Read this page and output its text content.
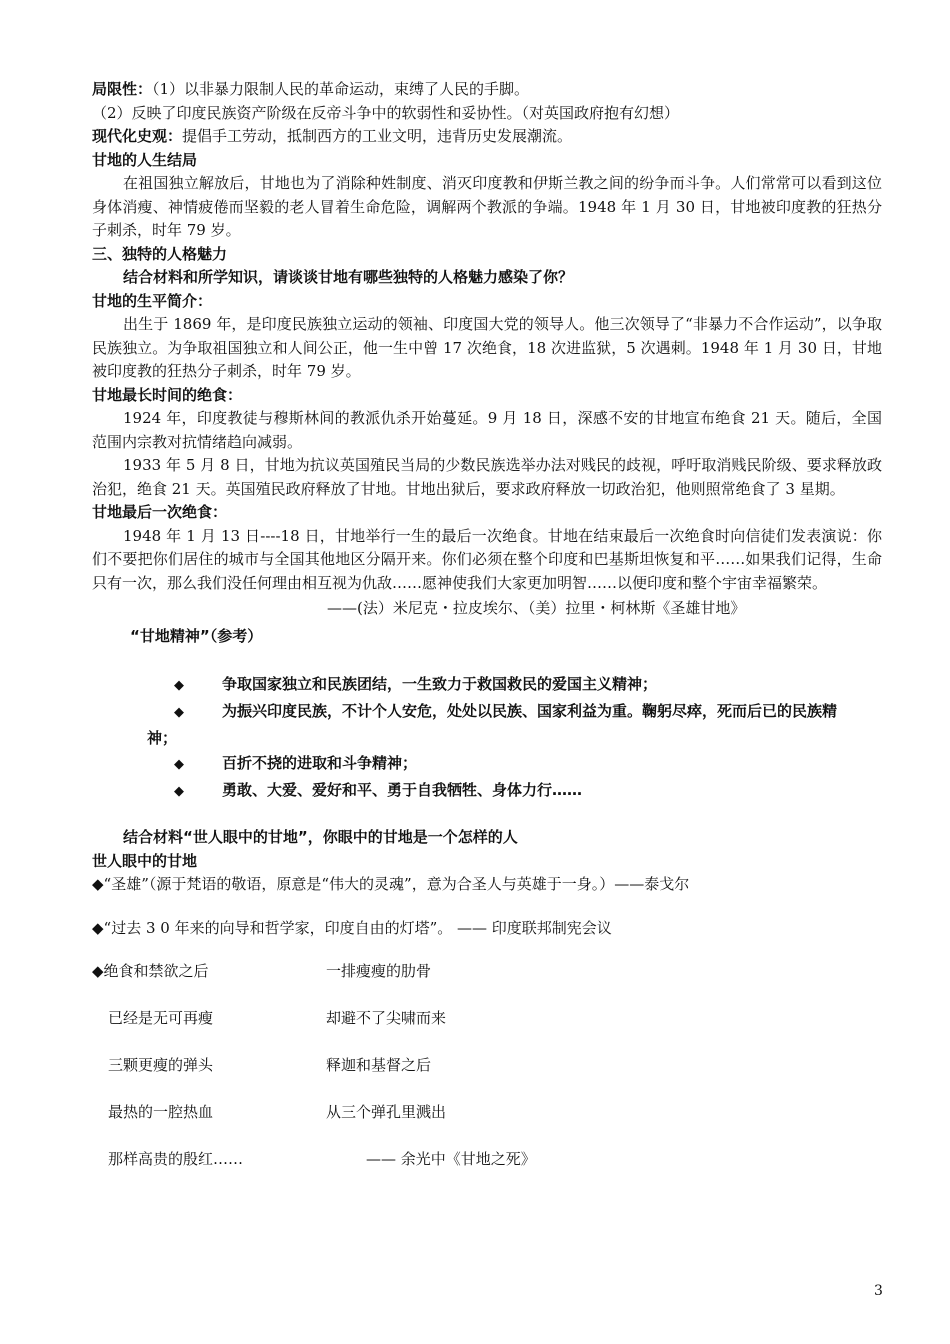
局限性：（1）以非暴力限制人民的革命运动，束缚了人民的手脚。

（2）反映了印度民族资产阶级在反帝斗争中的软弱性和妥协性。（对英国政府抱有幻想）

现代化史观：提倡手工劳动，抵制西方的工业文明，违背历史发展潮流。

甘地的人生结局

在祖国独立解放后，甘地也为了消除种姓制度、消灭印度教和伊斯兰教之间的纷争而斗争。人们常常可以看到这位身体消瘦、神情疲倦而坚毅的老人冒着生命危险，调解两个教派的争端。1948 年 1 月 30 日，甘地被印度教的狂热分子刺杀，时年 79 岁。

三、独特的人格魅力

结合材料和所学知识，请谈谈甘地有哪些独特的人格魅力感染了你？

甘地的生平简介：

出生于 1869 年，是印度民族独立运动的领袖、印度国大党的领导人。他三次领导了“非暴力不合作运动”，以争取民族独立。为争取祖国独立和人间公正，他一生中曾 17 次绝食，18 次进监狱，5 次遇刺。1948 年 1 月 30 日，甘地被印度教的狂热分子刺杀，时年 79 岁。

甘地最长时间的绝食：

1924 年，印度教徒与穆斯林间的教派仇杀开始蔓延。9 月 18 日，深感不安的甘地宣布绝食 21 天。随后，全国范围内宗教对抗情绪趋向减弱。

1933 年 5 月 8 日，甘地为抗议英国殖民当局的少数民族选举办法对贱民的歧视，呼吁取消贱民阶级、要求释放政治犯，绝食 21 天。英国殖民政府释放了甘地。甘地出狱后，要求政府释放一切政治犯，他则照常绝食了 3 星期。

甘地最后一次绝食：

1948 年 1 月 13 日----18 日，甘地举行一生的最后一次绝食。甘地在结束最后一次绝食时向信徒们发表演说：你们不要把你们居住的城市与全国其他地区分隔开来。你们必须在整个印度和巴基斯坦恢复和平……如果我们记得，生命只有一次，那么我们没任何理由相互视为仇敌……愿神使我们大家更加明智……以便印度和整个宇宙幸福繁荣。

——(法）米尼克・拉皮埃尔、（美）拉里・柯林斯《圣雄甘地》

“甘地精神”（参考）

◆	争取国家独立和民族团结，一生致力于救国救民的爱国主义精神；

◆	为振兴印度民族，不计个人安危，处处以民族、国家利益为重。鞠躬尽瘁，死而后已的民族精

神；

◆	百折不挠的进取和斗争精神；

◆	勇敢、大爱、爱好和平、勇于自我牺牲、身体力行……

结合材料“世人眼中的甘地”，你眼中的甘地是一个怎样的人

世人眼中的甘地

◆“圣雄”（源于梵语的敬语，原意是“伟大的灵魂”，意为合圣人与英雄于一身。）——泰戈尔

◆“过去 3 0 年来的向导和哲学家，印度自由的灯塔”。 —— 印度联邦制宪会议

◆绝食和禁欲之后	一排瘦瘦的肋骨
已经是无可再瘦	却避不了尖啸而来
三颗更瘦的弹头	释迦和基督之后
最热的一腔热血	从三个弹孔里溅出
那样高贵的殷红……	—— 余光中《甘地之死》
3
